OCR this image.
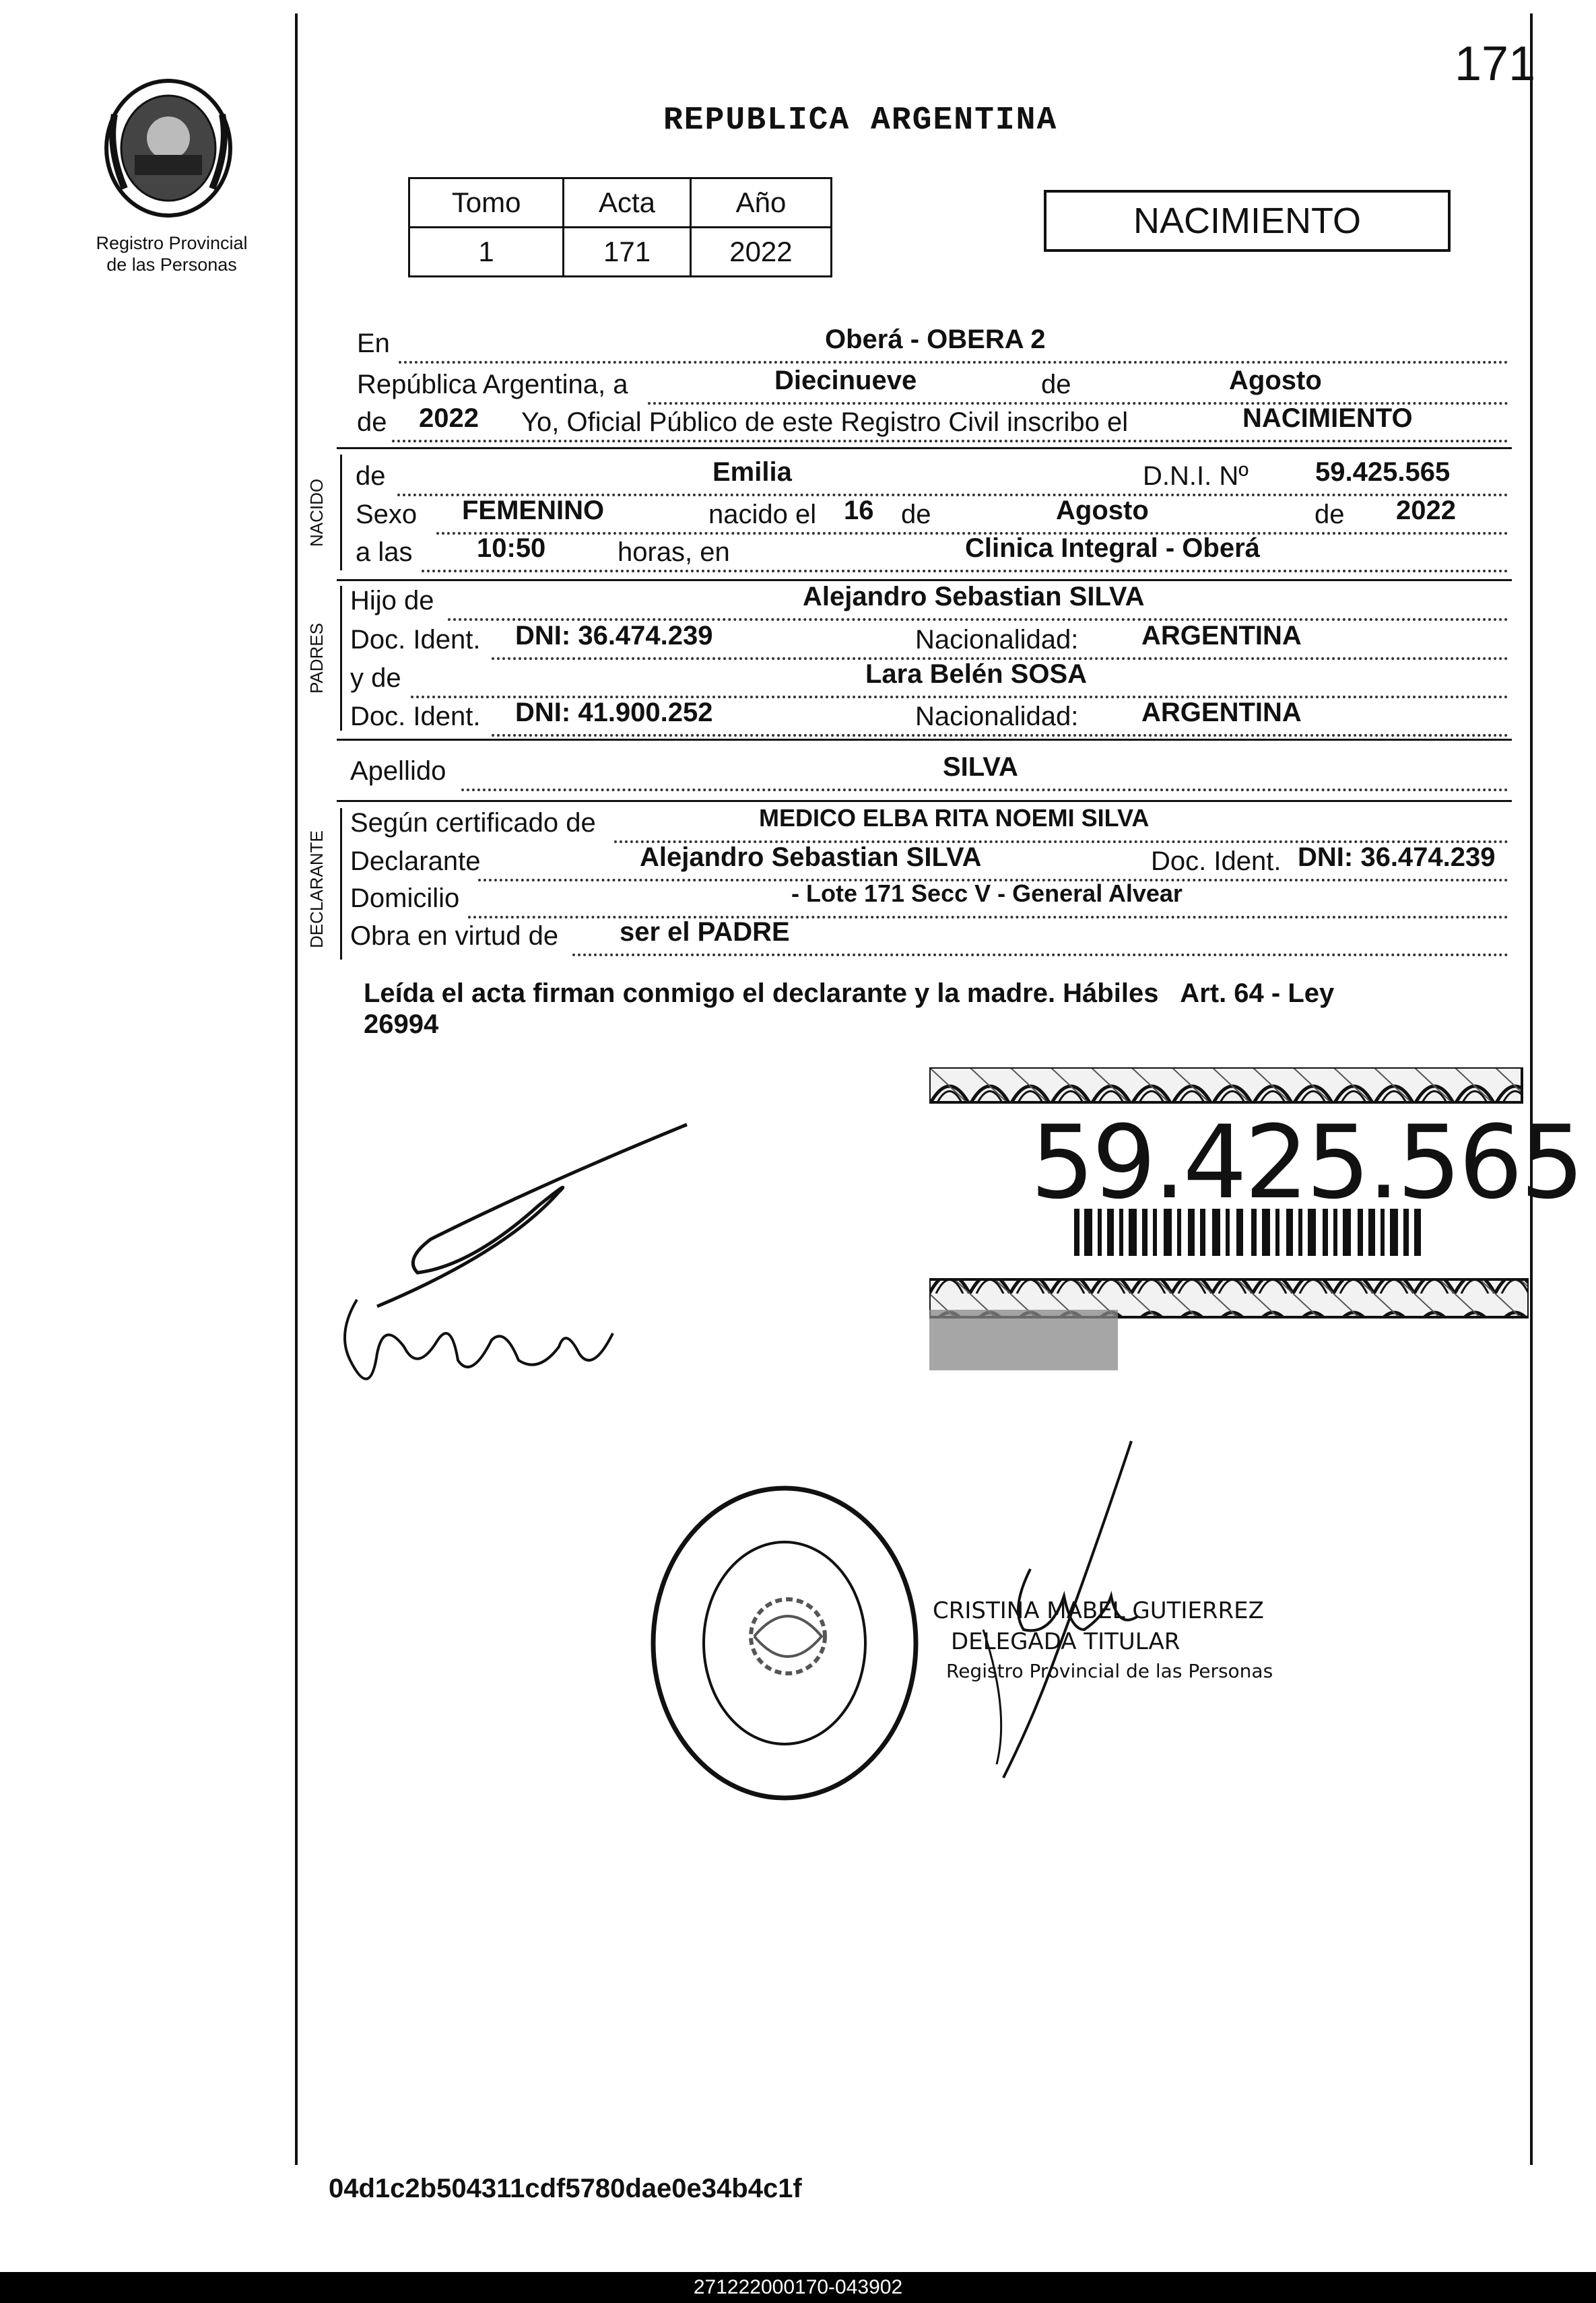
171
Registro Provincial
de las Personas
REPUBLICA ARGENTINA
Tomo	Acta	Año
1	171	2022
NACIMIENTO
En	Oberá - OBERA 2
República Argentina, a	Diecinueve	de	Agosto
de 2022 Yo, Oficial Público de este Registro Civil inscribo el	NACIMIENTO
NACIDO
de	Emilia	D.N.I. Nº 59.425.565
Sexo FEMENINO	nacido el 16 de	Agosto	de 2022
a las 10:50	horas, en	Clinica Integral - Oberá
PADRES
Hijo de	Alejandro Sebastian SILVA
Doc. Ident. DNI: 36.474.239	Nacionalidad: ARGENTINA
y de	Lara Belén SOSA
Doc. Ident. DNI: 41.900.252	Nacionalidad: ARGENTINA
Apellido	SILVA
DECLARANTE
Según certificado de	MEDICO ELBA RITA NOEMI SILVA
Declarante	Alejandro Sebastian SILVA	Doc. Ident. DNI: 36.474.239
Domicilio	- Lote 171 Secc V - General Alvear
Obra en virtud de ser el PADRE
Leída el acta firman conmigo el declarante y la madre. Hábiles   Art. 64 - Ley
26994
59.425.565
CRISTINA MABEL GUTIERREZ
DELEGADA TITULAR
Registro Provincial de las Personas
04d1c2b504311cdf5780dae0e34b4c1f
271222000170-043902
